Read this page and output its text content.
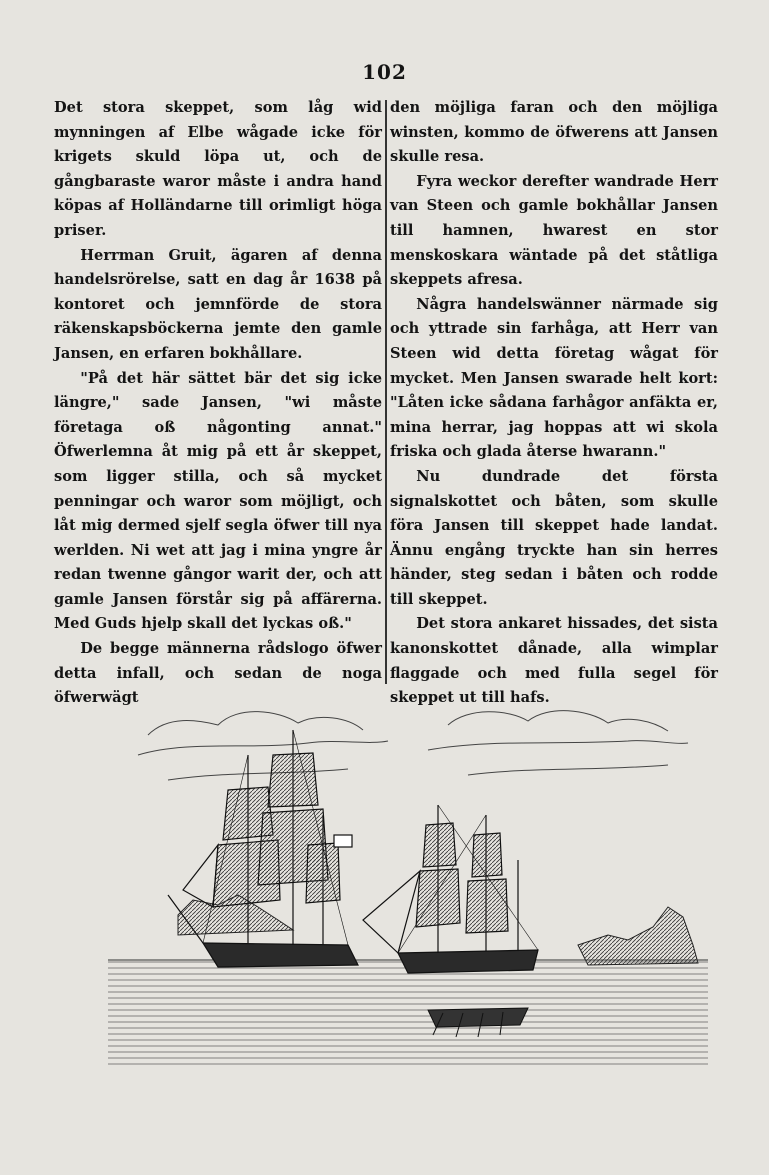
102

Det stora skeppet, som låg wid mynningen af Elbe wågade icke för krigets skuld löpa ut, och de gångbaraste waror måste i andra hand köpas af Holländarne till orimligt höga priser.

Herrman Gruit, ägaren af denna handelsrörelse, satt en dag år 1638 på kontoret och jemnförde de stora räkenskapsböckerna jemte den gamle Jansen, en erfaren bokhållare.

"På det här sättet bär det sig icke längre," sade Jansen, "wi måste företaga oß någonting annat." Öfwerlemna åt mig på ett år skeppet, som ligger stilla, och så mycket penningar och waror som möjligt, och låt mig dermed sjelf segla öfwer till nya werlden. Ni wet att jag i mina yngre år redan twenne gångor warit der, och att gamle Jansen förstår sig på affärerna. Med Guds hjelp skall det lyckas oß."

De begge männerna rådslogo öfwer detta infall, och sedan de noga öfwerwägt

den möjliga faran och den möjliga winsten, kommo de öfwerens att Jansen skulle resa.

Fyra weckor derefter wandrade Herr van Steen och gamle bokhållar Jansen till hamnen, hwarest en stor menskoskara wäntade på det ståtliga skeppets afresa.

Några handelswänner närmade sig och yttrade sin farhåga, att Herr van Steen wid detta företag wågat för mycket. Men Jansen swarade helt kort: "Låten icke sådana farhågor anfäkta er, mina herrar, jag hoppas att wi skola friska och glada återse hwarann."

Nu dundrade det första signalskottet och båten, som skulle föra Jansen till skeppet hade landat. Ännu engång tryckte han sin herres händer, steg sedan i båten och rodde till skeppet.

Det stora ankaret hissades, det sista kanonskottet dånade, alla wimplar flaggade och med fulla segel för skeppet ut till hafs.
